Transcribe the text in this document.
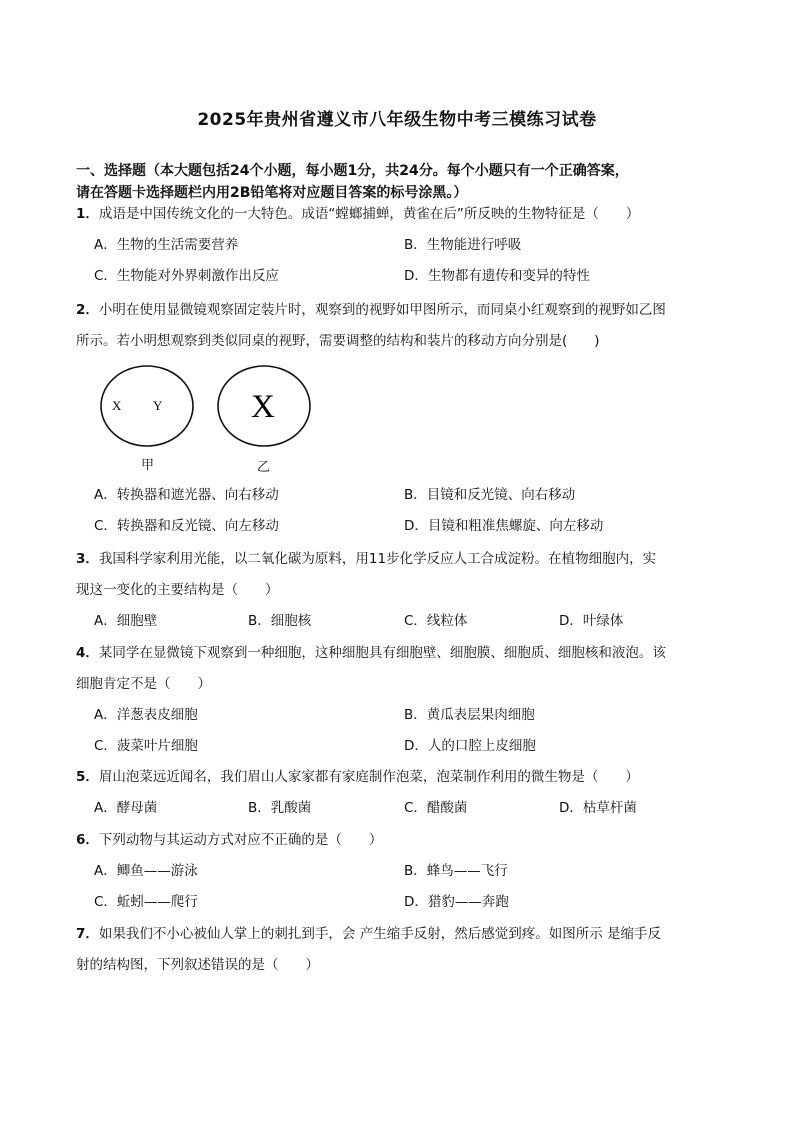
2025年贵州省遵义市八年级生物中考三模练习试卷
一、选择题（本大题包括24个小题，每小题1分，共24分。每个小题只有一个正确答案，
请在答题卡选择题栏内用2B铅笔将对应题目答案的标号涂黑。）
1．成语是中国传统文化的一大特色。成语“螳螂捕蝉，黄雀在后”所反映的生物特征是（　　）
A．生物的生活需要营养	B．生物能进行呼吸
C．生物能对外界刺激作出反应	D．生物都有遗传和变异的特性
2．小明在使用显微镜观察固定装片时，观察到的视野如甲图所示，而同桌小红观察到的视野如乙图
所示。若小明想观察到类似同桌的视野，需要调整的结构和装片的移动方向分别是(　　)
X Y	X
甲	乙
A．转换器和遮光器、向右移动	B．目镜和反光镜、向右移动
C．转换器和反光镜、向左移动	D．目镜和粗准焦螺旋、向左移动
3．我国科学家利用光能，以二氧化碳为原料，用11步化学反应人工合成淀粉。在植物细胞内，实
现这一变化的主要结构是（　　）
A．细胞壁	B．细胞核	C．线粒体	D．叶绿体
4．某同学在显微镜下观察到一种细胞，这种细胞具有细胞壁、细胞膜、细胞质、细胞核和液泡。该
细胞肯定不是（　　）
A．洋葱表皮细胞	B．黄瓜表层果肉细胞
C．菠菜叶片细胞	D．人的口腔上皮细胞
5．眉山泡菜远近闻名，我们眉山人家家都有家庭制作泡菜，泡菜制作利用的微生物是（　　）
A．酵母菌	B．乳酸菌	C．醋酸菌	D．枯草杆菌
6．下列动物与其运动方式对应不正确的是（　　）
A．鲫鱼——游泳	B．蜂鸟——飞行
C．蚯蚓——爬行	D．猎豹——奔跑
7．如果我们不小心被仙人掌上的刺扎到手，会 产生缩手反射，然后感觉到疼。如图所示 是缩手反
射的结构图，下列叙述错误的是（　　）
